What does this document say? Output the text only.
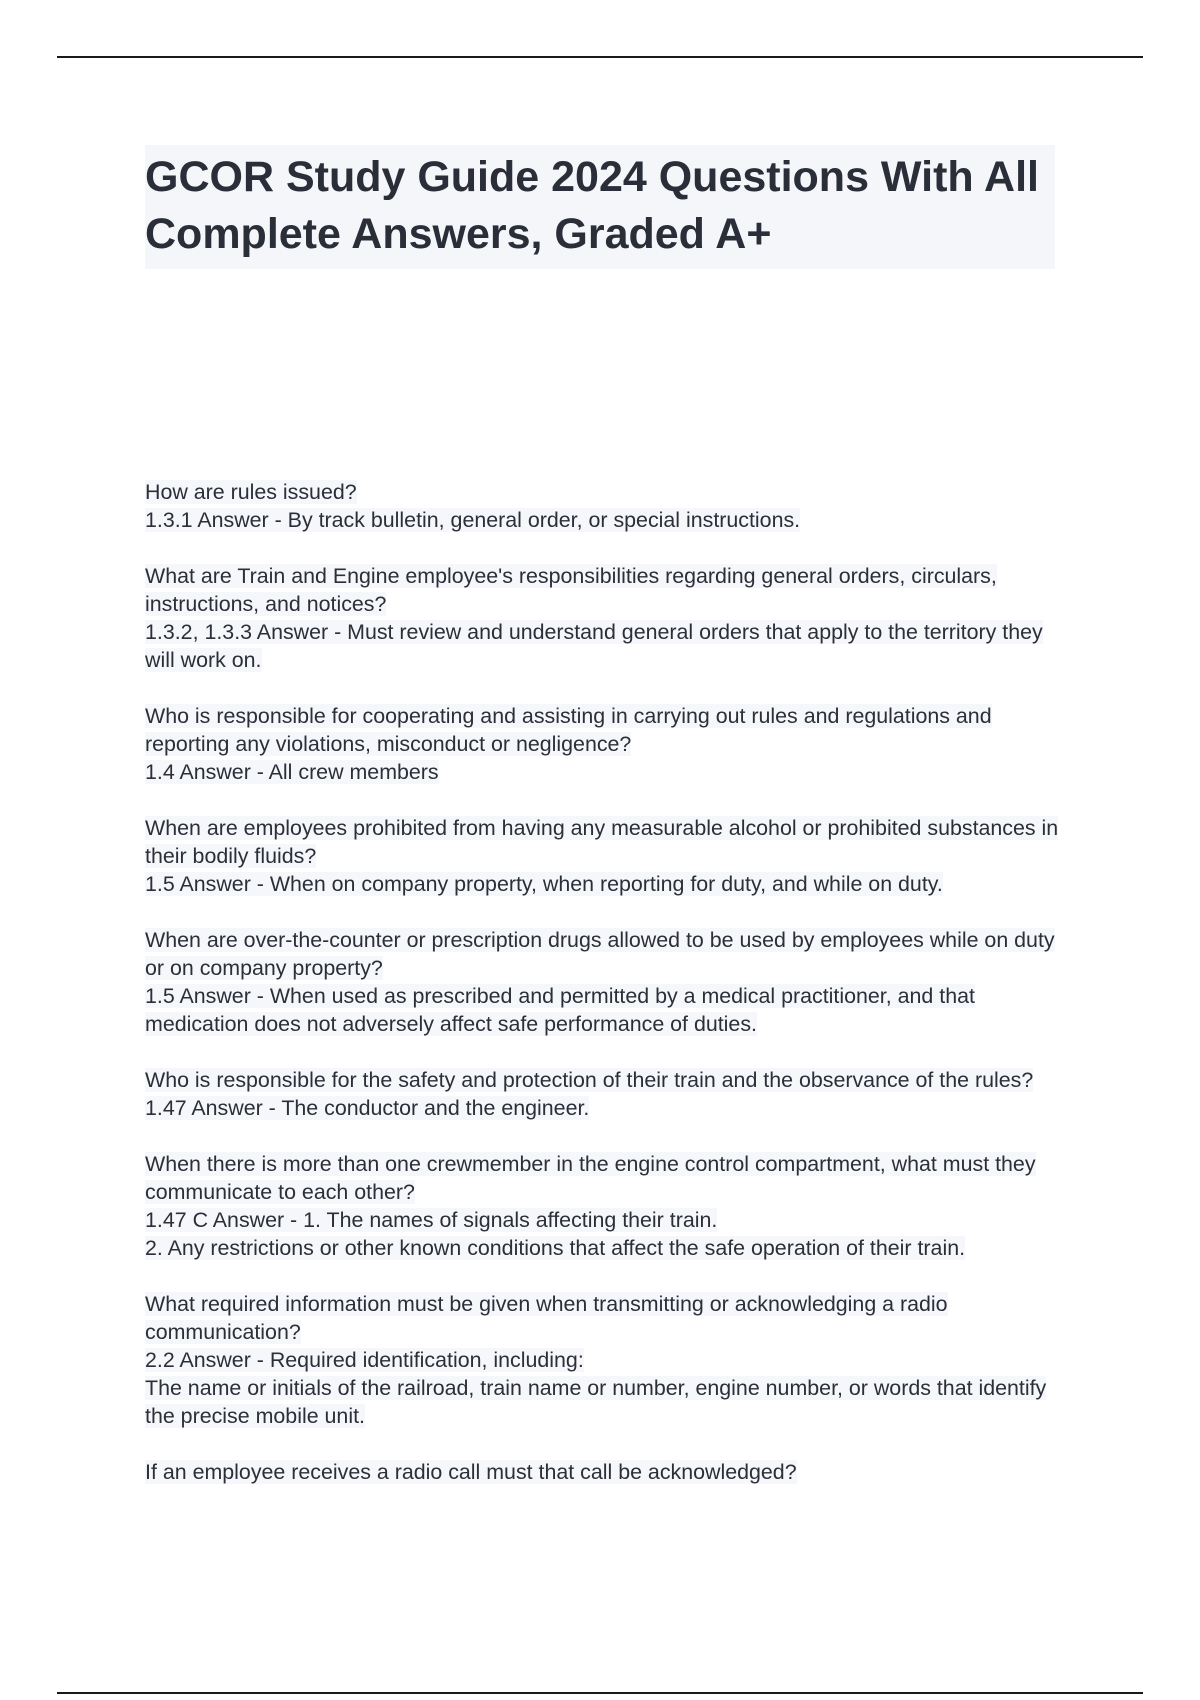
GCOR Study Guide 2024 Questions With All Complete Answers, Graded A+
How are rules issued?
1.3.1 Answer - By track bulletin, general order, or special instructions.
What are Train and Engine employee's responsibilities regarding general orders, circulars, instructions, and notices?
1.3.2, 1.3.3 Answer - Must review and understand general orders that apply to the territory they will work on.
Who is responsible for cooperating and assisting in carrying out rules and regulations and reporting any violations, misconduct or negligence?
1.4 Answer - All crew members
When are employees prohibited from having any measurable alcohol or prohibited substances in their bodily fluids?
1.5 Answer - When on company property, when reporting for duty, and while on duty.
When are over-the-counter or prescription drugs allowed to be used by employees while on duty or on company property?
1.5 Answer - When used as prescribed and permitted by a medical practitioner, and that medication does not adversely affect safe performance of duties.
Who is responsible for the safety and protection of their train and the observance of the rules?
1.47 Answer - The conductor and the engineer.
When there is more than one crewmember in the engine control compartment, what must they communicate to each other?
1.47 C Answer - 1. The names of signals affecting their train.
2. Any restrictions or other known conditions that affect the safe operation of their train.
What required information must be given when transmitting or acknowledging a radio communication?
2.2 Answer - Required identification, including:
The name or initials of the railroad, train name or number, engine number, or words that identify the precise mobile unit.
If an employee receives a radio call must that call be acknowledged?
